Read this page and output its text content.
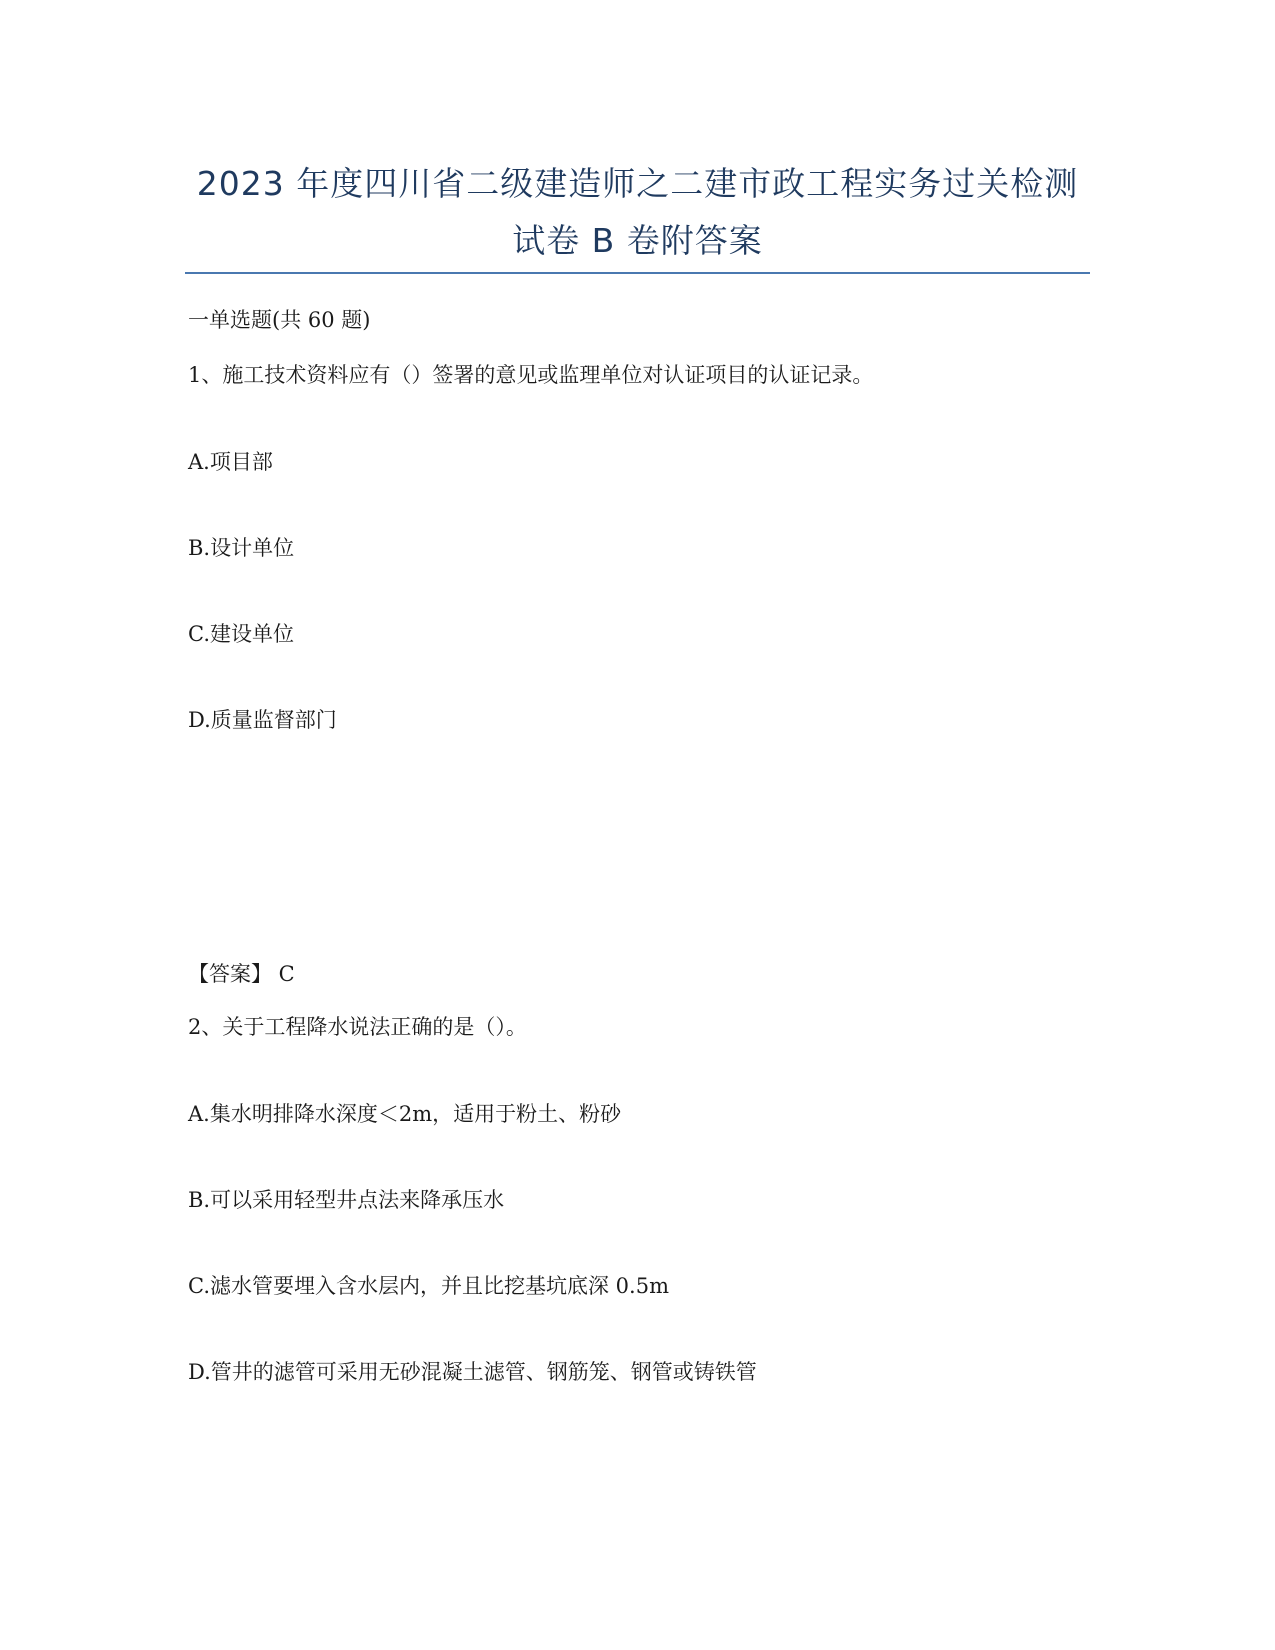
2023 年度四川省二级建造师之二建市政工程实务过关检测
试卷 B 卷附答案
一单选题(共 60 题)
1、施工技术资料应有（）签署的意见或监理单位对认证项目的认证记录。
A.项目部
B.设计单位
C.建设单位
D.质量监督部门
【答案】 C
2、关于工程降水说法正确的是（）。
A.集水明排降水深度＜2m，适用于粉土、粉砂
B.可以采用轻型井点法来降承压水
C.滤水管要埋入含水层内，并且比挖基坑底深 0.5m
D.管井的滤管可采用无砂混凝土滤管、钢筋笼、钢管或铸铁管
